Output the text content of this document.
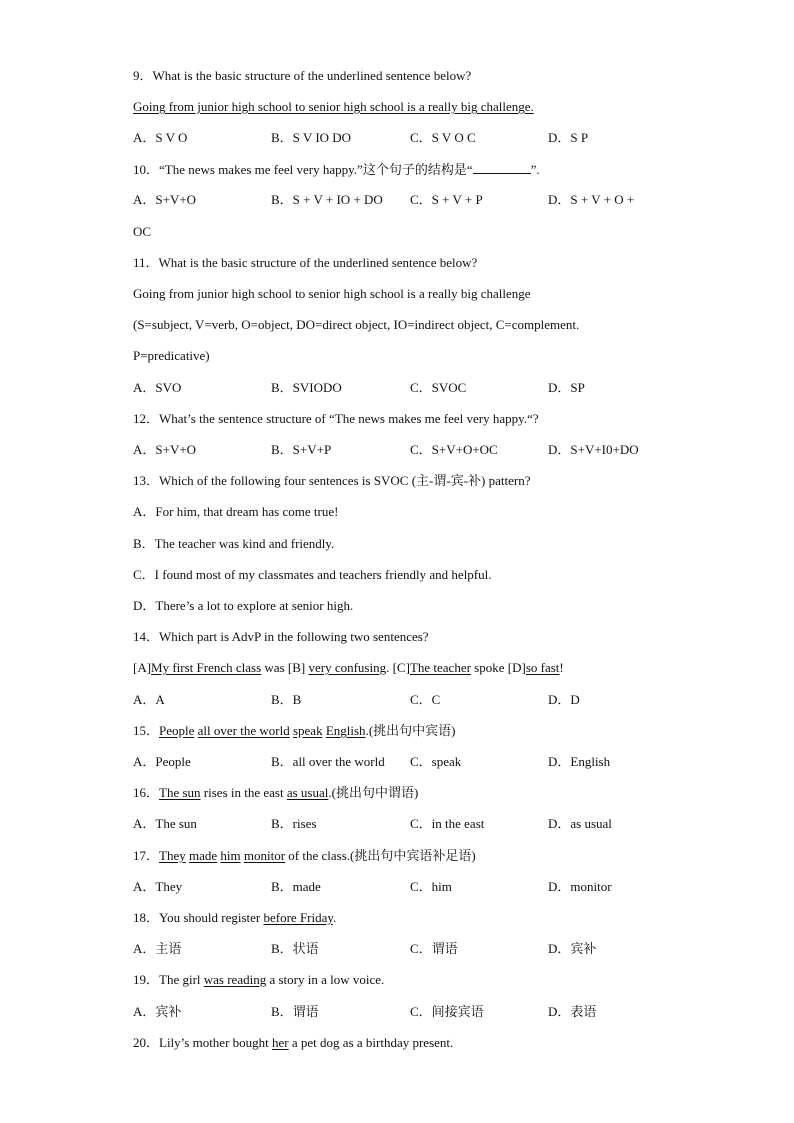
9．What is the basic structure of the underlined sentence below?
Going from junior high school to senior high school is a really big challenge.
A．S V O	B．S V IO DO	C．S V O C	D．S P
10．“The news makes me feel very happy.”这个句子的结构是“	”.
A．S+V+O	B．S + V + IO + DO C．S + V + P	D．S + V + O +
OC
11．What is the basic structure of the underlined sentence below?
Going from junior high school to senior high school is a really big challenge
(S=subject, V=verb, O=object, DO=direct object, IO=indirect object, C=complement.
P=predicative)
A．SVO	B．SVIODO	C．SVOC	D．SP
12．What’s the sentence structure of “The news makes me feel very happy.“?
A．S+V+O	B．S+V+P	C．S+V+O+OC	D．S+V+I0+DO
13．Which of the following four sentences is SVOC (主-谓-宾-补) pattern?
A．For him, that dream has come true!
B．The teacher was kind and friendly.
C．I found most of my classmates and teachers friendly and helpful.
D．There’s a lot to explore at senior high.
14．Which part is AdvP in the following two sentences?
[A]My first French class was [B] very confusing. [C]The teacher spoke [D]so fast!
A．A	B．B	C．C	D．D
15．People all over the world speak English.(挑出句中宾语)
A．People	B．all over the world C．speak	D．English
16．The sun rises in the east as usual.(挑出句中谓语)
A．The sun	B．rises	C．in the east	D．as usual
17．They made him monitor of the class.(挑出句中宾语补足语)
A．They	B．made	C．him	D．monitor
18．You should register before Friday.
A．主语	B．状语	C．谓语	D．宾补
19．The girl was reading a story in a low voice.
A．宾补	B．谓语	C．间接宾语	D．表语
20．Lily’s mother bought her a pet dog as a birthday present.
